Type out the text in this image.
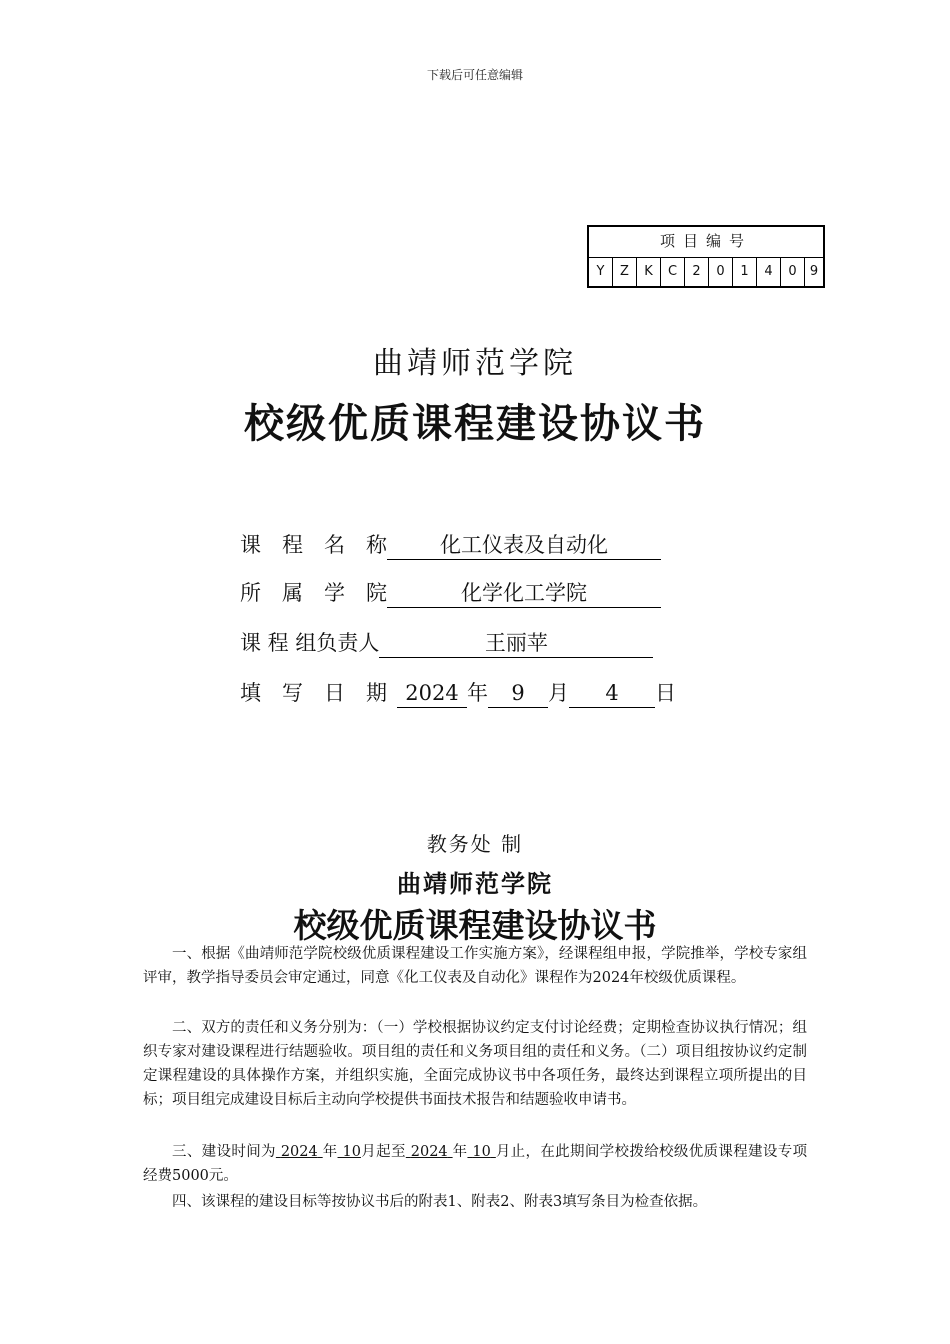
下载后可任意编辑
项目编号
Y	Z	K	C	2	0	1	4	0	9
曲靖师范学院
校级优质课程建设协议书
课　程　名　称	化工仪表及自动化
所　属　学　院	化学化工学院
课 程 组负责人	王丽苹
填　写　日　期 2024 年	9	月	4	日
教务处 制
曲靖师范学院
校级优质课程建设协议书

一、根据《曲靖师范学院校级优质课程建设工作实施方案》，经课程组申报，学院推举，学校专家组评审，教学指导委员会审定通过，同意《化工仪表及自动化》课程作为2024年校级优质课程。

二、双方的责任和义务分别为：（一）学校根据协议约定支付讨论经费；定期检查协议执行情况；组织专家对建设课程进行结题验收。项目组的责任和义务项目组的责任和义务。（二）项目组按协议约定制定课程建设的具体操作方案，并组织实施，全面完成协议书中各项任务，最终达到课程立项所提出的目标；项目组完成建设目标后主动向学校提供书面技术报告和结题验收申请书。

三、建设时间为 2024 年 10月起至 2024 年 10 月止，在此期间学校拨给校级优质课程建设专项经费5000元。

四、该课程的建设目标等按协议书后的附表1、附表2、附表3填写条目为检查依据。
